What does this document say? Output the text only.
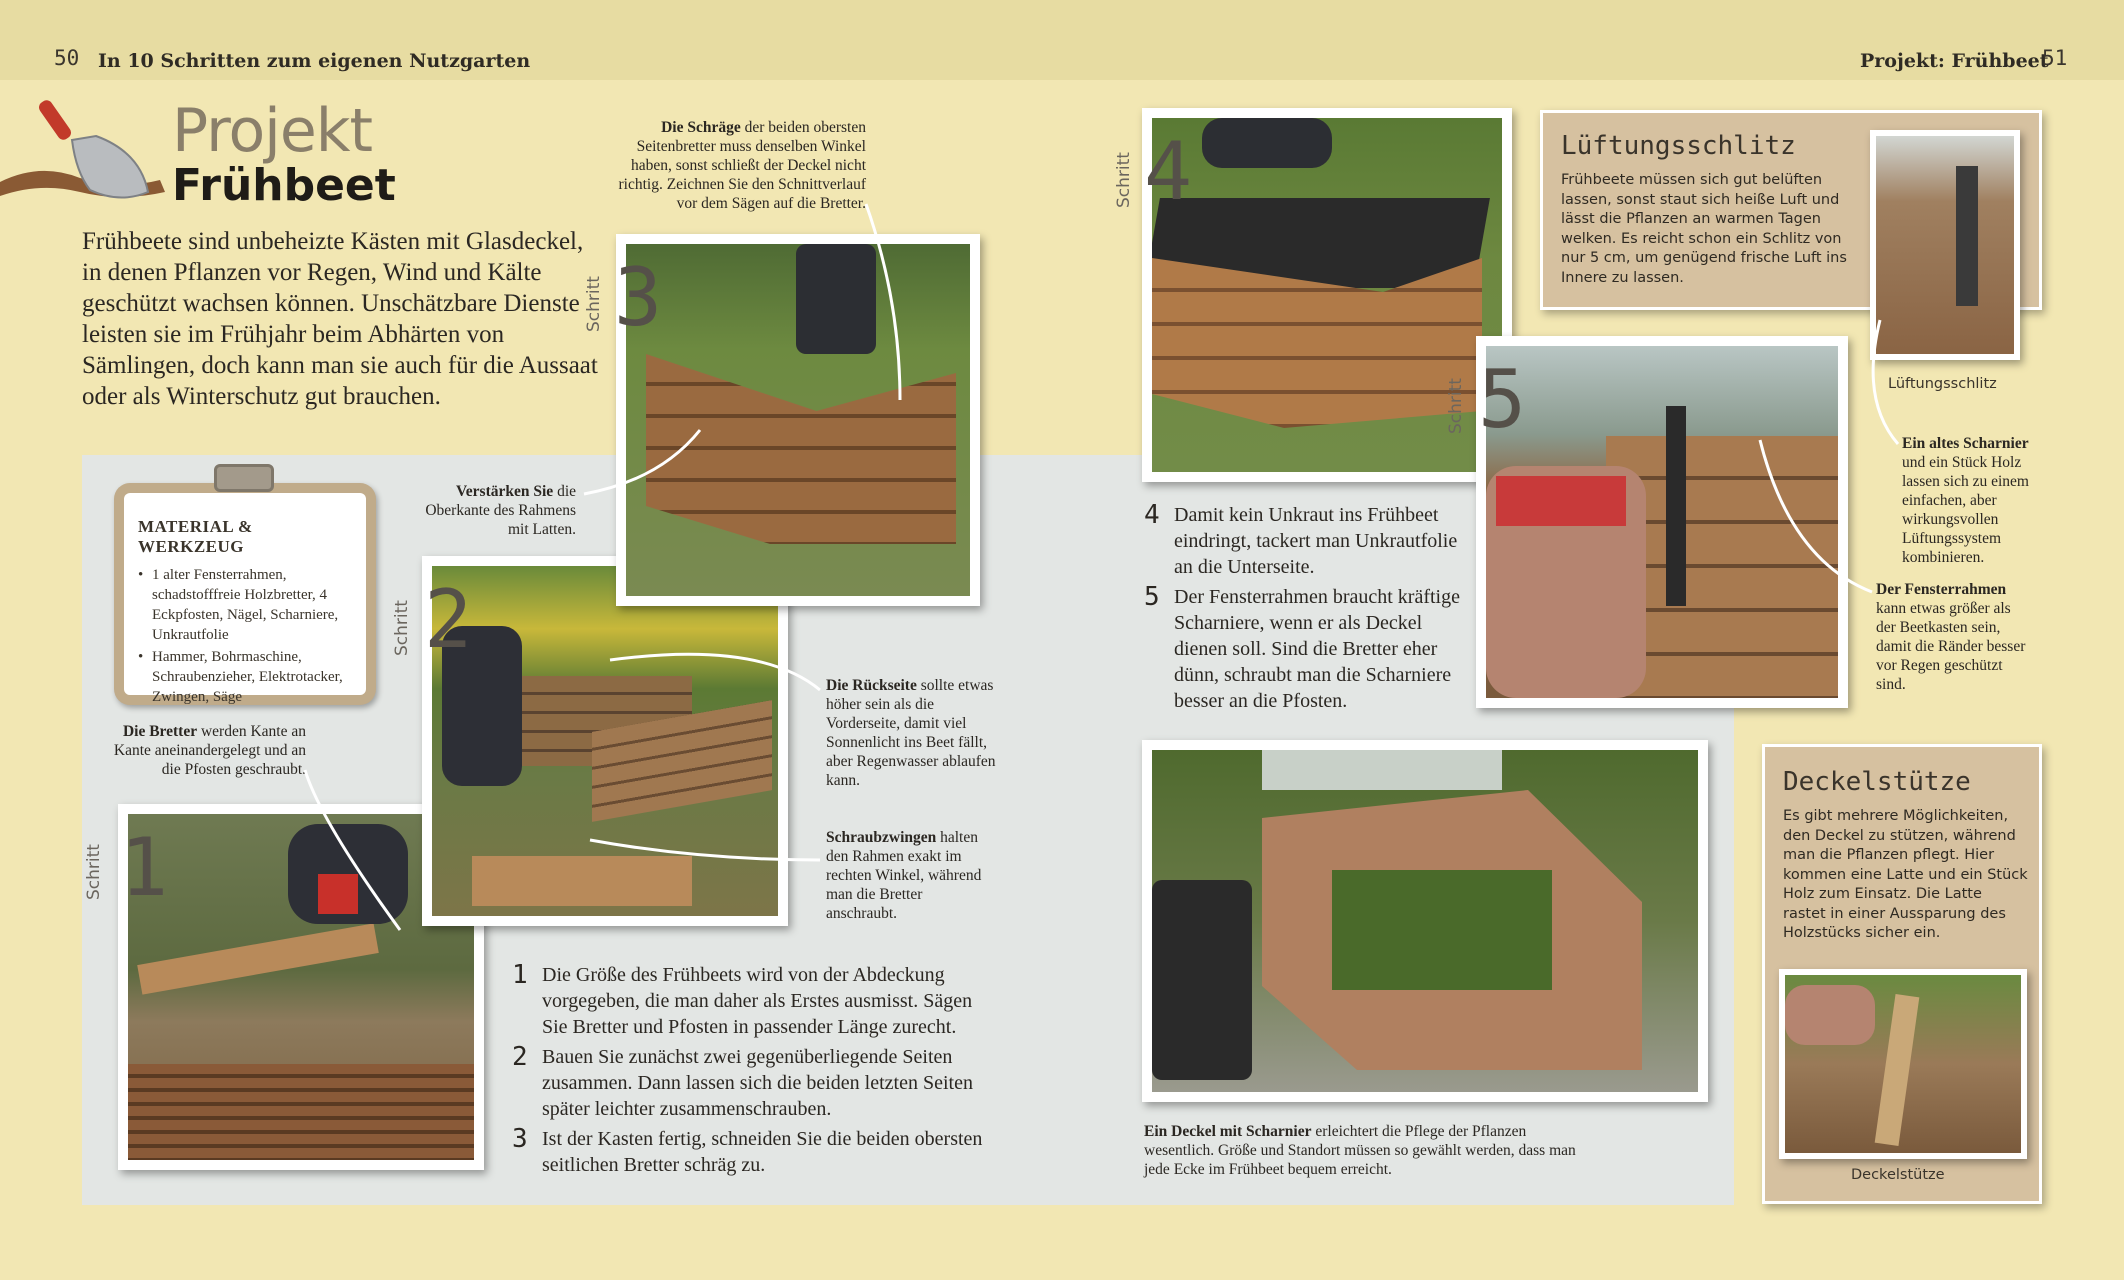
50 In 10 Schritten zum eigenen Nutzgarten	Projekt: Frühbeet
51
Projekt
Frühbeet

Frühbeete sind unbeheizte Kästen mit Glasdeckel, in denen Pflanzen vor Regen, Wind und Kälte geschützt wachsen können. Unschätzbare Dienste leisten sie im Frühjahr beim Abhärten von Sämlingen, doch kann man sie auch für die Aussaat oder als Winterschutz gut brauchen.

MATERIAL & WERKZEUG
• 1 alter Fensterrahmen, schadstofffreie Holzbretter, 4 Eckpfosten, Nägel, Scharniere, Unkrautfolie
• Hammer, Bohrmaschine, Schraubenzieher, Elektrotacker, Zwingen, Säge
Schritt 1
Schritt 2
Schritt 3
Schritt 4
Schritt 5
Lüftungsschlitz
Frühbeete müssen sich gut belüften lassen, sonst staut sich heiße Luft und lässt die Pflanzen an warmen Tagen welken. Es reicht schon ein Schlitz von nur 5 cm, um genügend frische Luft ins Innere zu lassen.
Lüftungsschlitz
Deckelstütze
Es gibt mehrere Möglichkeiten, den Deckel zu stützen, während man die Pflanzen pflegt. Hier kommen eine Latte und ein Stück Holz zum Einsatz. Die Latte rastet in einer Aussparung des Holzstücks sicher ein.
Deckelstütze
Die Bretter werden Kante an Kante aneinandergelegt und an die Pfosten geschraubt.
Die Schräge der beiden obersten Seitenbretter muss denselben Winkel haben, sonst schließt der Deckel nicht richtig. Zeichnen Sie den Schnittverlauf vor dem Sägen auf die Bretter.
Verstärken Sie die Oberkante des Rahmens mit Latten.
Die Rückseite sollte etwas höher sein als die Vorderseite, damit viel Sonnenlicht ins Beet fällt, aber Regenwasser ablaufen kann.
Schraubzwingen halten den Rahmen exakt im rechten Winkel, während man die Bretter anschraubt.
Ein altes Scharnier und ein Stück Holz lassen sich zu einem einfachen, aber wirkungsvollen Lüftungssystem kombinieren.
Der Fensterrahmen kann etwas größer als der Beetkasten sein, damit die Ränder besser vor Regen geschützt sind.
Ein Deckel mit Scharnier erleichtert die Pflege der Pflanzen wesentlich. Größe und Standort müssen so gewählt werden, dass man jede Ecke im Frühbeet bequem erreicht.
1 Die Größe des Frühbeets wird von der Abdeckung vorgegeben, die man daher als Erstes ausmisst. Sägen Sie Bretter und Pfosten in passender Länge zurecht.
2 Bauen Sie zunächst zwei gegenüberliegende Seiten zusammen. Dann lassen sich die beiden letzten Seiten später leichter zusammenschrauben.
3 Ist der Kasten fertig, schneiden Sie die beiden obersten seitlichen Bretter schräg zu.
4 Damit kein Unkraut ins Frühbeet eindringt, tackert man Unkrautfolie an die Unterseite.
5 Der Fensterrahmen braucht kräftige Scharniere, wenn er als Deckel dienen soll. Sind die Bretter eher dünn, schraubt man die Scharniere besser an die Pfosten.
